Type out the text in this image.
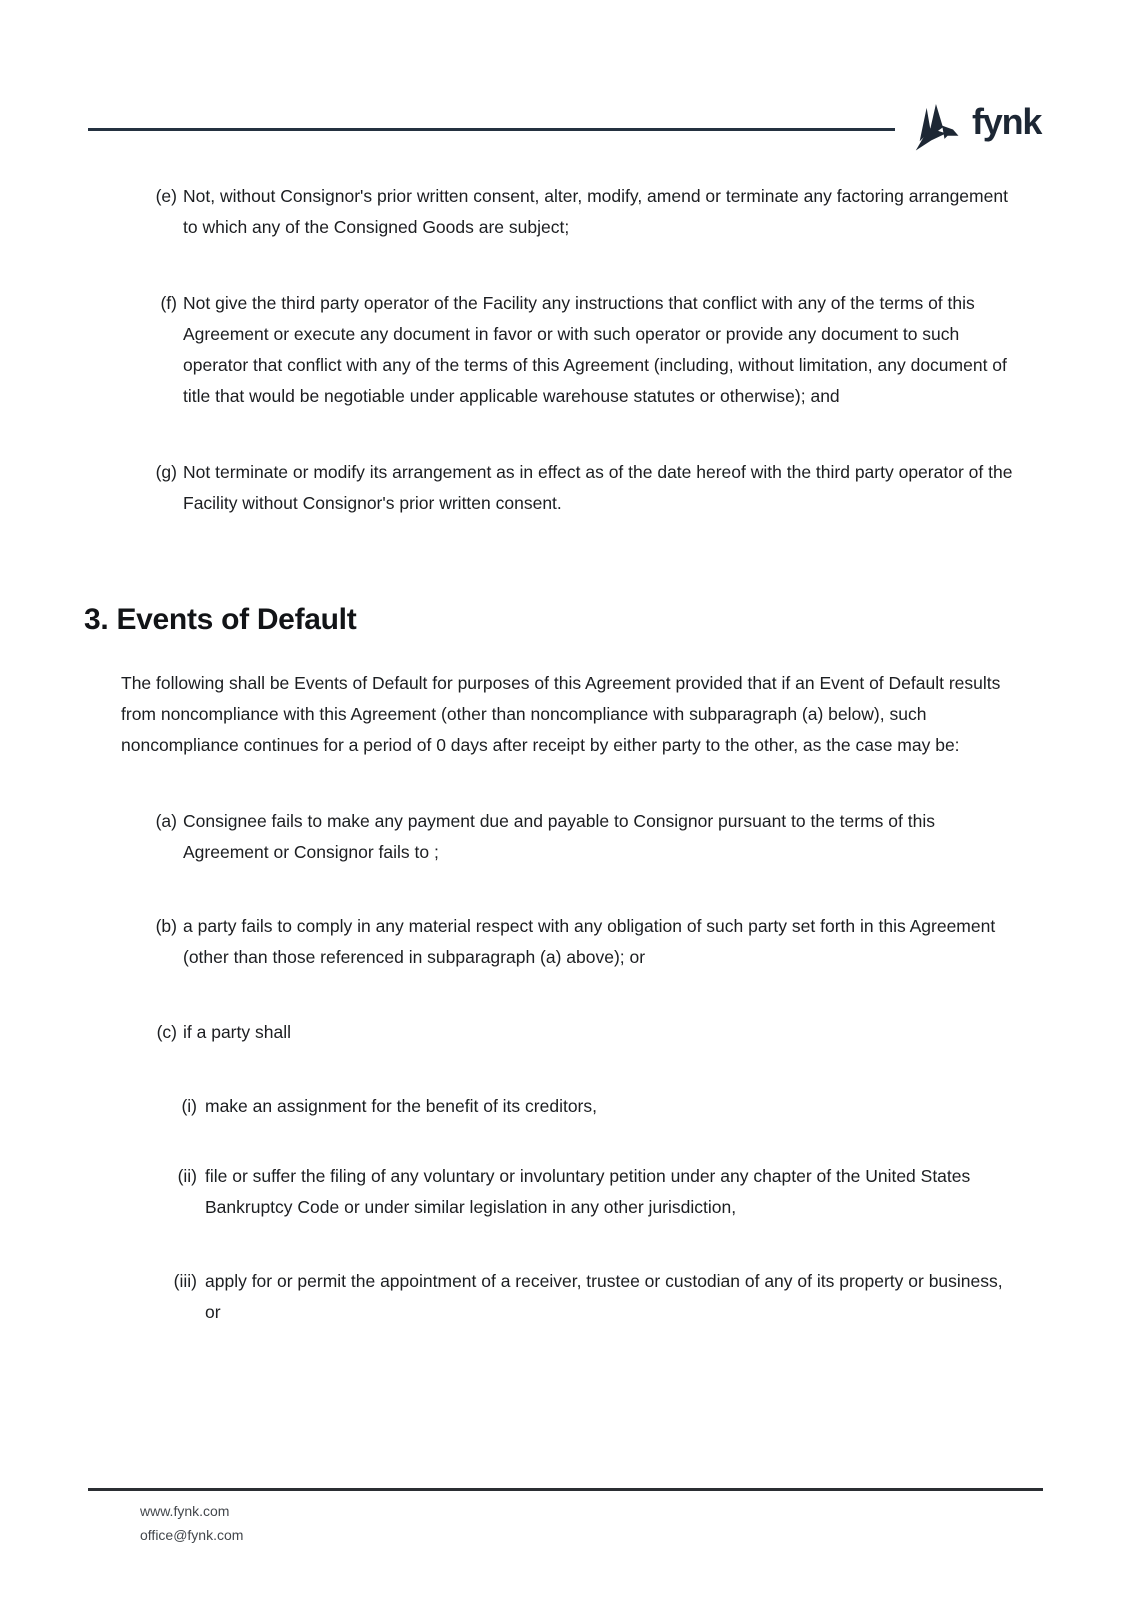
fynk
(e) Not, without Consignor's prior written consent, alter, modify, amend or terminate any factoring arrangement to which any of the Consigned Goods are subject;
(f) Not give the third party operator of the Facility any instructions that conflict with any of the terms of this Agreement or execute any document in favor or with such operator or provide any document to such operator that conflict with any of the terms of this Agreement (including, without limitation, any document of title that would be negotiable under applicable warehouse statutes or otherwise); and
(g) Not terminate or modify its arrangement as in effect as of the date hereof with the third party operator of the Facility without Consignor's prior written consent.
3. Events of Default

The following shall be Events of Default for purposes of this Agreement provided that if an Event of Default results from noncompliance with this Agreement (other than noncompliance with subparagraph (a) below), such noncompliance continues for a period of 0 days after receipt by either party to the other, as the case may be:

(a) Consignee fails to make any payment due and payable to Consignor pursuant to the terms of this Agreement or Consignor fails to ;
(b) a party fails to comply in any material respect with any obligation of such party set forth in this Agreement (other than those referenced in subparagraph (a) above); or
(c) if a party shall
(i) make an assignment for the benefit of its creditors,
(ii) file or suffer the filing of any voluntary or involuntary petition under any chapter of the United States Bankruptcy Code or under similar legislation in any other jurisdiction,
(iii) apply for or permit the appointment of a receiver, trustee or custodian of any of its property or business, or
www.fynk.com
office@fynk.com
